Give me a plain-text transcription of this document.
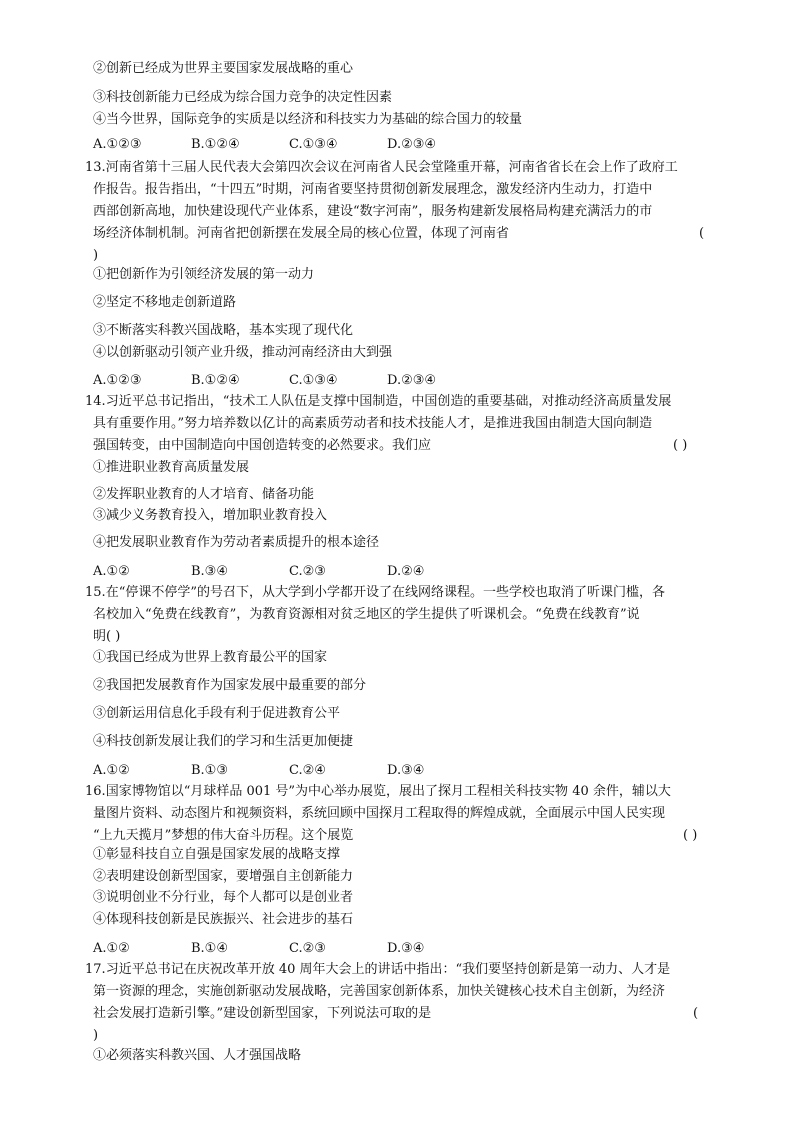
②创新已经成为世界主要国家发展战略的重心
③科技创新能力已经成为综合国力竞争的决定性因素
④当今世界，国际竞争的实质是以经济和科技实力为基础的综合国力的较量
A.①②③	B.①②④	C.①③④	D.②③④
13.河南省第十三届人民代表大会第四次会议在河南省人民会堂隆重开幕，河南省省长在会上作了政府工
作报告。报告指出，“十四五”时期，河南省要坚持贯彻创新发展理念，激发经济内生动力，打造中
西部创新高地，加快建设现代产业体系，建设“数字河南”，服务构建新发展格局构建充满活力的市
场经济体制机制。河南省把创新摆在发展全局的核心位置，体现了河南省	(
)
①把创新作为引领经济发展的第一动力
②坚定不移地走创新道路
③不断落实科教兴国战略，基本实现了现代化
④以创新驱动引领产业升级，推动河南经济由大到强
A.①②③	B.①②④	C.①③④	D.②③④
14.习近平总书记指出，“技术工人队伍是支撑中国制造，中国创造的重要基础，对推动经济高质量发展
具有重要作用。”努力培养数以亿计的高素质劳动者和技术技能人才，是推进我国由制造大国向制造
强国转变，由中国制造向中国创造转变的必然要求。我们应	( )
①推进职业教育高质量发展
②发挥职业教育的人才培育、储备功能
③减少义务教育投入，增加职业教育投入
④把发展职业教育作为劳动者素质提升的根本途径
A.①②	B.③④	C.②③	D.②④
15.在“停课不停学”的号召下，从大学到小学都开设了在线网络课程。一些学校也取消了听课门槛，各
名校加入“免费在线教育”，为教育资源相对贫乏地区的学生提供了听课机会。“免费在线教育”说
明( )
①我国已经成为世界上教育最公平的国家
②我国把发展教育作为国家发展中最重要的部分
③创新运用信息化手段有利于促进教育公平
④科技创新发展让我们的学习和生活更加便捷
A.①②	B.①③	C.②④	D.③④
16.国家博物馆以“月球样品 001 号”为中心举办展览，展出了探月工程相关科技实物 40 余件，辅以大
量图片资料、动态图片和视频资料，系统回顾中国探月工程取得的辉煌成就，全面展示中国人民实现
“上九天揽月”梦想的伟大奋斗历程。这个展览	( )
①彰显科技自立自强是国家发展的战略支撑
②表明建设创新型国家，要增强自主创新能力
③说明创业不分行业，每个人都可以是创业者
④体现科技创新是民族振兴、社会进步的基石
A.①②	B.①④	C.②③	D.③④
17.习近平总书记在庆祝改革开放 40 周年大会上的讲话中指出：“我们要坚持创新是第一动力、人才是
第一资源的理念，实施创新驱动发展战略，完善国家创新体系，加快关键核心技术自主创新，为经济
社会发展打造新引擎。”建设创新型国家，下列说法可取的是	(
)
①必须落实科教兴国、人才强国战略
